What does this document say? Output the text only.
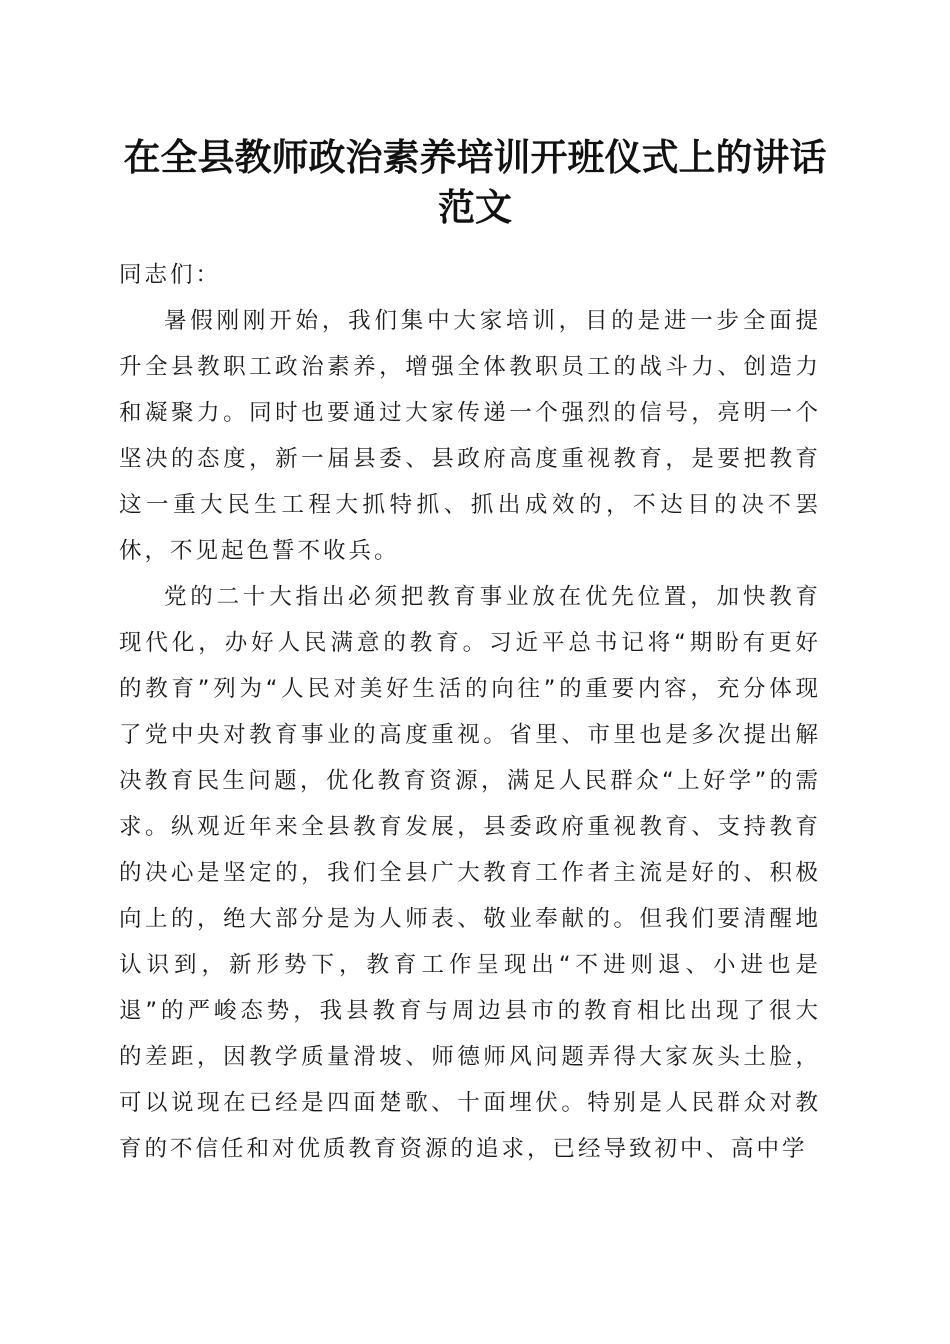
在全县教师政治素养培训开班仪式上的讲话范文

同志们：

暑假刚刚开始，我们集中大家培训，目的是进一步全面提升全县教职工政治素养，增强全体教职员工的战斗力、创造力和凝聚力。同时也要通过大家传递一个强烈的信号，亮明一个坚决的态度，新一届县委、县政府高度重视教育，是要把教育这一重大民生工程大抓特抓、抓出成效的，不达目的决不罢休，不见起色誓不收兵。

党的二十大指出必须把教育事业放在优先位置，加快教育现代化，办好人民满意的教育。习近平总书记将“期盼有更好的教育”列为“人民对美好生活的向往”的重要内容，充分体现了党中央对教育事业的高度重视。省里、市里也是多次提出解决教育民生问题，优化教育资源，满足人民群众“上好学”的需求。纵观近年来全县教育发展，县委政府重视教育、支持教育的决心是坚定的，我们全县广大教育工作者主流是好的、积极向上的，绝大部分是为人师表、敬业奉献的。但我们要清醒地认识到，新形势下，教育工作呈现出“不进则退、小进也是退”的严峻态势，我县教育与周边县市的教育相比出现了很大的差距，因教学质量滑坡、师德师风问题弄得大家灰头土脸，可以说现在已经是四面楚歌、十面埋伏。特别是人民群众对教育的不信任和对优质教育资源的追求，已经导致初中、高中学
